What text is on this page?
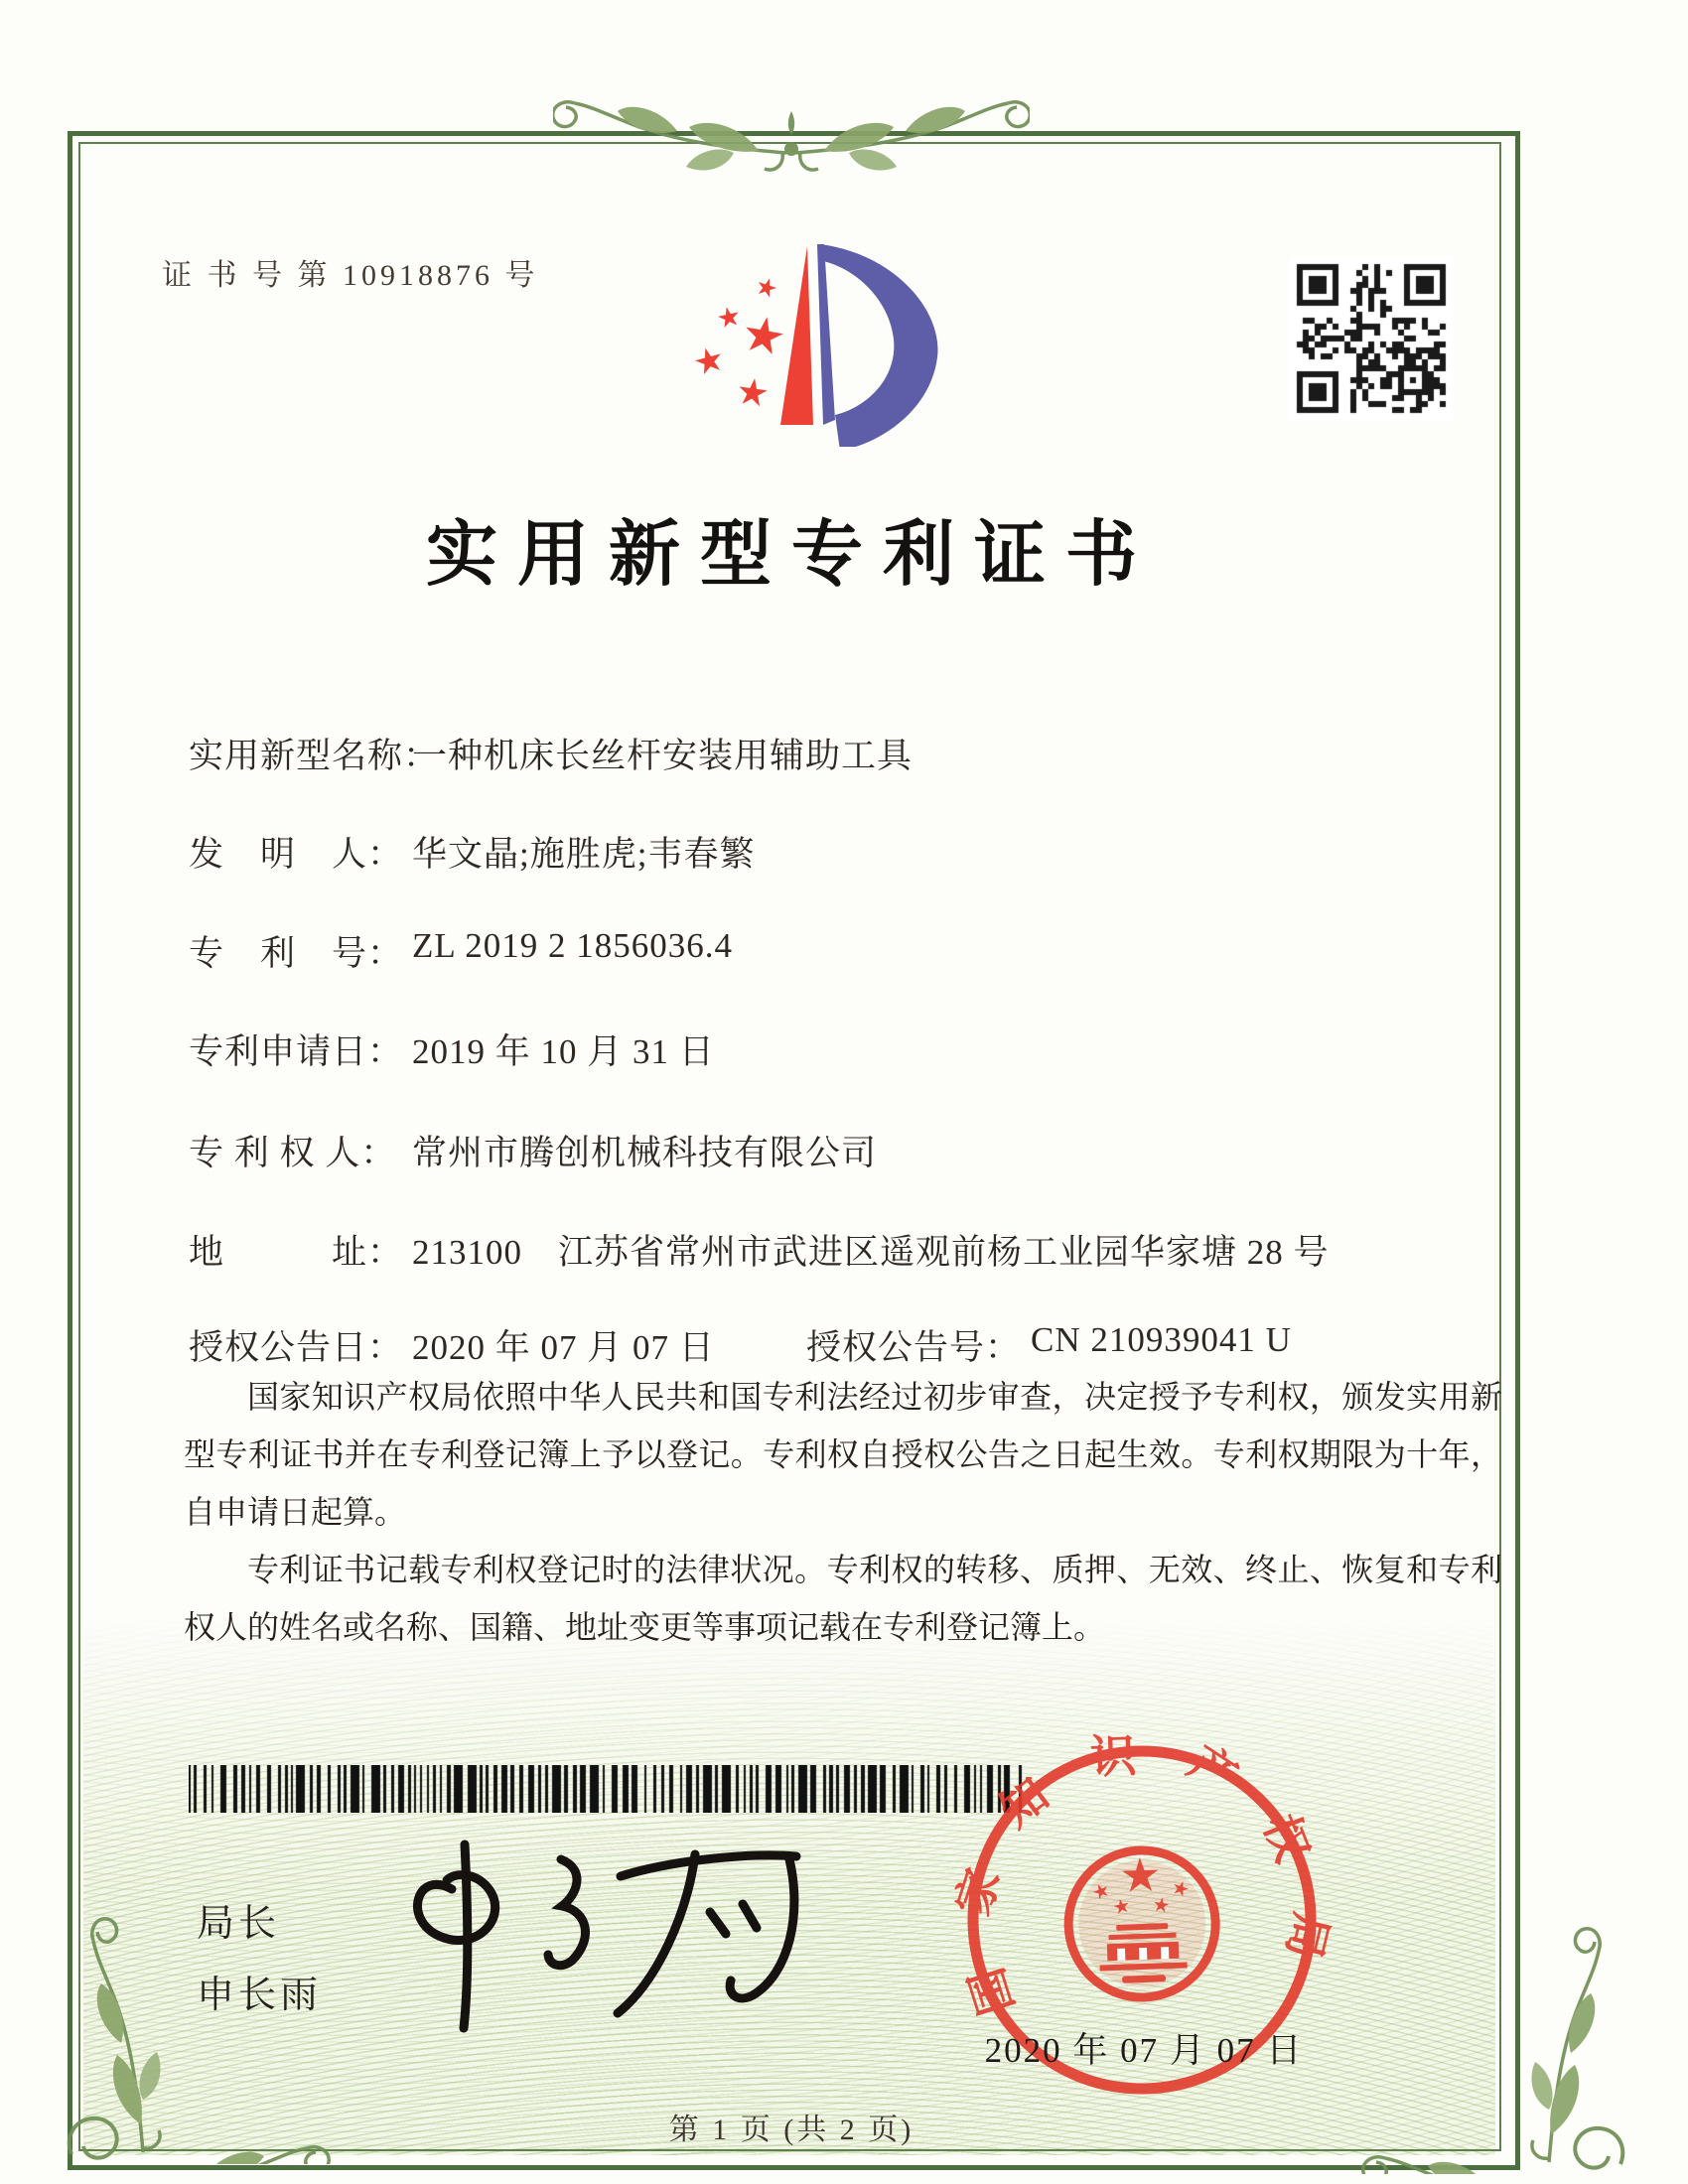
证 书 号 第 10918876 号
实用新型专利证书
实用新型名称：
一种机床长丝杆安装用辅助工具
发　明　人： 华文晶;施胜虎;韦春繁
专　利　号： ZL 2019 2 1856036.4
专利申请日： 2019 年 10 月 31 日
专 利 权 人： 常州市腾创机械科技有限公司
地　　　址： 213100　江苏省常州市武进区遥观前杨工业园华家塘 28 号
授权公告日： 2020 年 07 月 07 日	授权公告号： CN 210939041 U

国家知识产权局依照中华人民共和国专利法经过初步审查，决定授予专利权，颁发实用新型专利证书并在专利登记簿上予以登记。专利权自授权公告之日起生效。专利权期限为十年，自申请日起算。

专利证书记载专利权登记时的法律状况。专利权的转移、质押、无效、终止、恢复和专利权人的姓名或名称、国籍、地址变更等事项记载在专利登记簿上。

局长
申长雨	国家知识产权局
2020 年 07 月 07 日
第 1 页 (共 2 页)
